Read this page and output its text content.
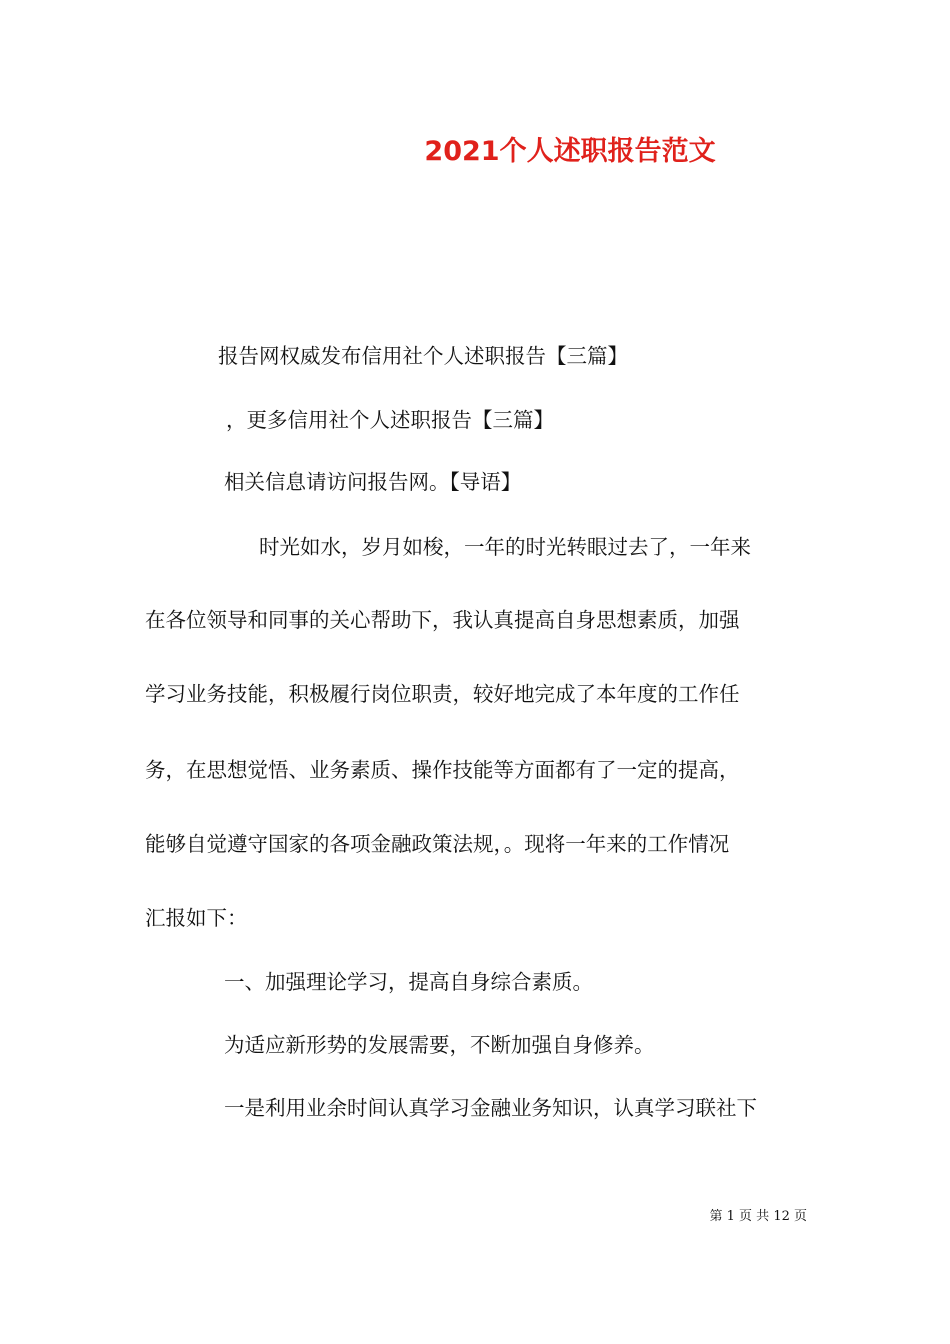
2021个人述职报告范文
报告网权威发布信用社个人述职报告【三篇】
，更多信用社个人述职报告【三篇】
相关信息请访问报告网。【导语】
时光如水，岁月如梭，一年的时光转眼过去了，一年来
在各位领导和同事的关心帮助下，我认真提高自身思想素质，加强
学习业务技能，积极履行岗位职责，较好地完成了本年度的工作任
务，在思想觉悟、业务素质、操作技能等方面都有了一定的提高，
能够自觉遵守国家的各项金融政策法规，。现将一年来的工作情况
汇报如下：
一、加强理论学习，提高自身综合素质。
为适应新形势的发展需要，不断加强自身修养。
一是利用业余时间认真学习金融业务知识，认真学习联社下
第 1 页 共 12 页
